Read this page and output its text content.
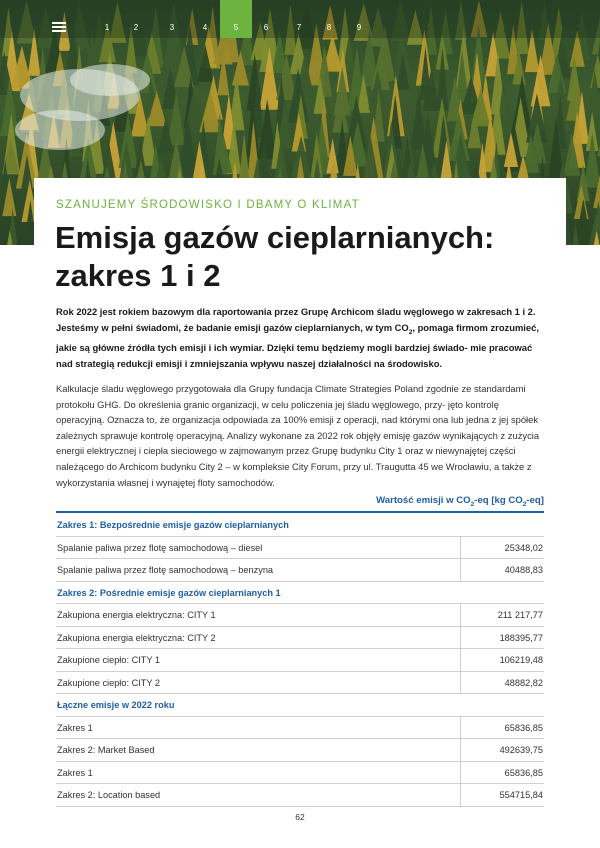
1	2	3	4	5	6	7	8	9
SZANUJEMY ŚRODOWISKO I DBAMY O KLIMAT
Emisja gazów cieplarnianych: zakres 1 i 2

Rok 2022 jest rokiem bazowym dla raportowania przez Grupę Archicom śladu węglowego w zakresach 1 i 2. Jesteśmy w pełni świadomi, że badanie emisji gazów cieplarnianych, w tym $CO_2$, pomaga firmom zrozumieć, jakie są główne źródła tych emisji i ich wymiar. Dzięki temu będziemy mogli bardziej świado- mie pracować nad strategią redukcji emisji i zmniejszania wpływu naszej działalności na środowisko.

Kalkulacje śladu węglowego przygotowała dla Grupy fundacja Climate Strategies Poland zgodnie ze standardami protokołu GHG. Do określenia granic organizacji, w celu policzenia jej śladu węglowego, przy- jęto kontrolę operacyjną. Oznacza to, że organizacja odpowiada za 100% emisji z operacji, nad którymi ona lub jedna z jej spółek zależnych sprawuje kontrolę operacyjną. Analizy wykonane za 2022 rok objęły emisję gazów wynikających z zużycia energii elektrycznej i ciepła sieciowego w zajmowanym przez Grupę budynku City 1 oraz w niewynajętej części należącego do Archicom budynku City 2 – w kompleksie City Forum, przy ul. Traugutta 45 we Wrocławiu, a także z wykorzystania własnej i wynajętej floty samochodów.

Wartość emisji w $CO_2-eq$ [kg $CO_2-eq$]
Zakres 1: Bezpośrednie emisje gazów cieplarnianych
Spalanie paliwa przez flotę samochodową – diesel	25348,02
Spalanie paliwa przez flotę samochodową – benzyna	40488,83
Zakres 2: Pośrednie emisje gazów cieplarnianych 1
Zakupiona energia elektryczna: CITY 1	211 217,77
Zakupiona energia elektryczna: CITY 2	188395,77
Zakupione ciepło: CITY 1	106219,48
Zakupione ciepło: CITY 2	48882,82
Łączne emisje w 2022 roku
Zakres 1	65836,85
Zakres 2: Market Based	492639,75
Zakres 1	65836,85
Zakres 2: Location based	554715,84
62
